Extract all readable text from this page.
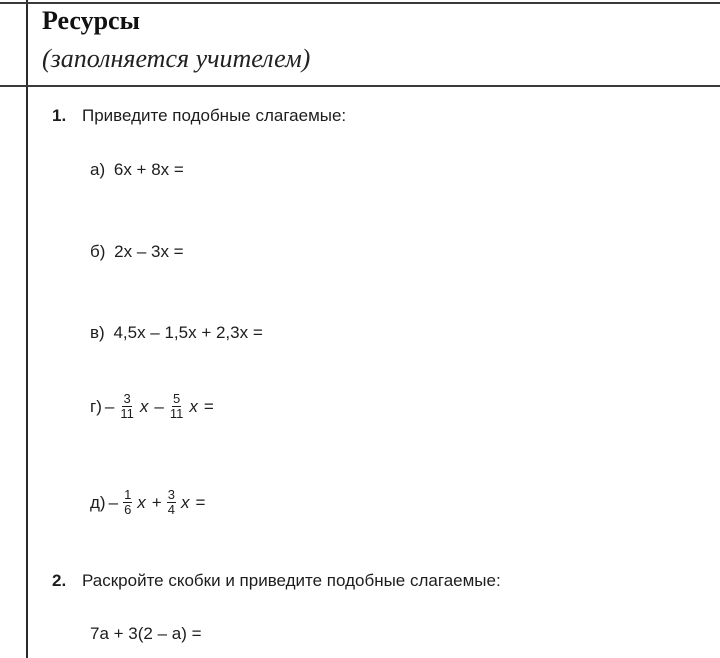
Ресурсы
(заполняется учителем)
1. Приведите подобные слагаемые:
а) 6x + 8x =
б) 2x – 3x =
в) 4,5x – 1,5x + 2,3x =
$г) - \frac{3}{11}$ x – $\frac{5}{11}$ x =
$д) - \frac{1}{6}$ $x + \frac{3}{4}$ x =
2. Раскройте скобки и приведите подобные слагаемые:
7a + 3(2 – a) =
